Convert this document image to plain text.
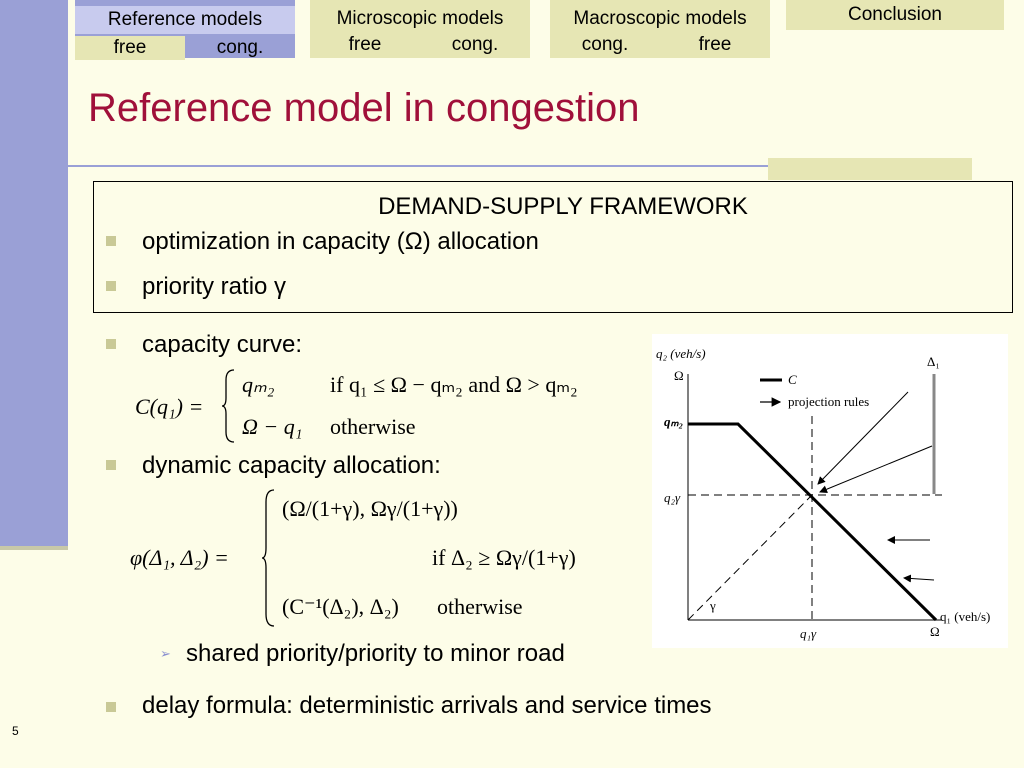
Reference models
free	cong.
Microscopic models
free	cong.
Macroscopic models
cong.	free
Conclusion
Reference model in congestion
DEMAND-SUPPLY FRAMEWORK
optimization in capacity (Ω) allocation
priority ratio γ
capacity curve:
C(q₁) =
qₘ₂	if q₁ ≤ Ω − qₘ₂ and Ω > qₘ₂
Ω − q₁ otherwise
dynamic capacity allocation:
φ(Δ₁, Δ₂) =
(Ω/(1+γ), Ωγ/(1+γ))
if Δ₂ ≥ Ωγ/(1+γ)
(C⁻¹(Δ₂), Δ₂) otherwise
➢ shared priority/priority to minor road
delay formula: deterministic arrivals and service times
q₂ (veh/s)
q₁ (veh/s)
Ω
qₘ₂
q₂γ
q₁γ	Ω
Δ₁
C
projection rules
γ
5
